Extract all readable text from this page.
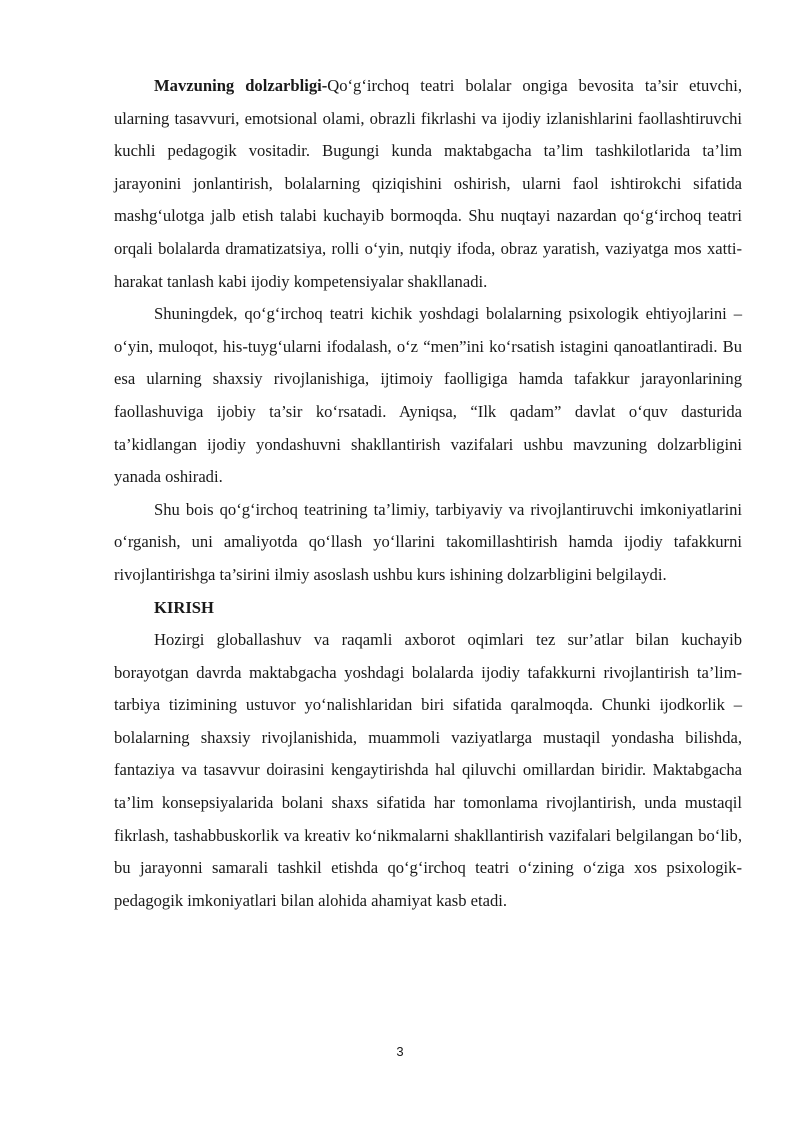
Mavzuning dolzarbligi-Qo‘g‘irchoq teatri bolalar ongiga bevosita ta’sir etuvchi, ularning tasavvuri, emotsional olami, obrazli fikrlashi va ijodiy izlanishlarini faollashtiruvchi kuchli pedagogik vositadir. Bugungi kunda maktabgacha ta’lim tashkilotlarida ta’lim jarayonini jonlantirish, bolalarning qiziqishini oshirish, ularni faol ishtirokchi sifatida mashg‘ulotga jalb etish talabi kuchayib bormoqda. Shu nuqtayi nazardan qo‘g‘irchoq teatri orqali bolalarda dramatizatsiya, rolli o‘yin, nutqiy ifoda, obraz yaratish, vaziyatga mos xatti-harakat tanlash kabi ijodiy kompetensiyalar shakllanadi.

Shuningdek, qo‘g‘irchoq teatri kichik yoshdagi bolalarning psixologik ehtiyojlarini – o‘yin, muloqot, his-tuyg‘ularni ifodalash, o‘z “men”ini ko‘rsatish istagini qanoatlantiradi. Bu esa ularning shaxsiy rivojlanishiga, ijtimoiy faolligiga hamda tafakkur jarayonlarining faollashuviga ijobiy ta’sir ko‘rsatadi. Ayniqsa, “Ilk qadam” davlat o‘quv dasturida ta’kidlangan ijodiy yondashuvni shakllantirish vazifalari ushbu mavzuning dolzarbligini yanada oshiradi.

Shu bois qo‘g‘irchoq teatrining ta’limiy, tarbiyaviy va rivojlantiruvchi imkoniyatlarini o‘rganish, uni amaliyotda qo‘llash yo‘llarini takomillashtirish hamda ijodiy tafakkurni rivojlantirishga ta’sirini ilmiy asoslash ushbu kurs ishining dolzarbligini belgilaydi.

KIRISH

Hozirgi globallashuv va raqamli axborot oqimlari tez sur’atlar bilan kuchayib borayotgan davrda maktabgacha yoshdagi bolalarda ijodiy tafakkurni rivojlantirish ta’lim-tarbiya tizimining ustuvor yo‘nalishlaridan biri sifatida qaralmoqda. Chunki ijodkorlik – bolalarning shaxsiy rivojlanishida, muammoli vaziyatlarga mustaqil yondasha bilishda, fantaziya va tasavvur doirasini kengaytirishda hal qiluvchi omillardan biridir. Maktabgacha ta’lim konsepsiyalarida bolani shaxs sifatida har tomonlama rivojlantirish, unda mustaqil fikrlash, tashabbuskorlik va kreativ ko‘nikmalarni shakllantirish vazifalari belgilangan bo‘lib, bu jarayonni samarali tashkil etishda qo‘g‘irchoq teatri o‘zining o‘ziga xos psixologik-pedagogik imkoniyatlari bilan alohida ahamiyat kasb etadi.

3
